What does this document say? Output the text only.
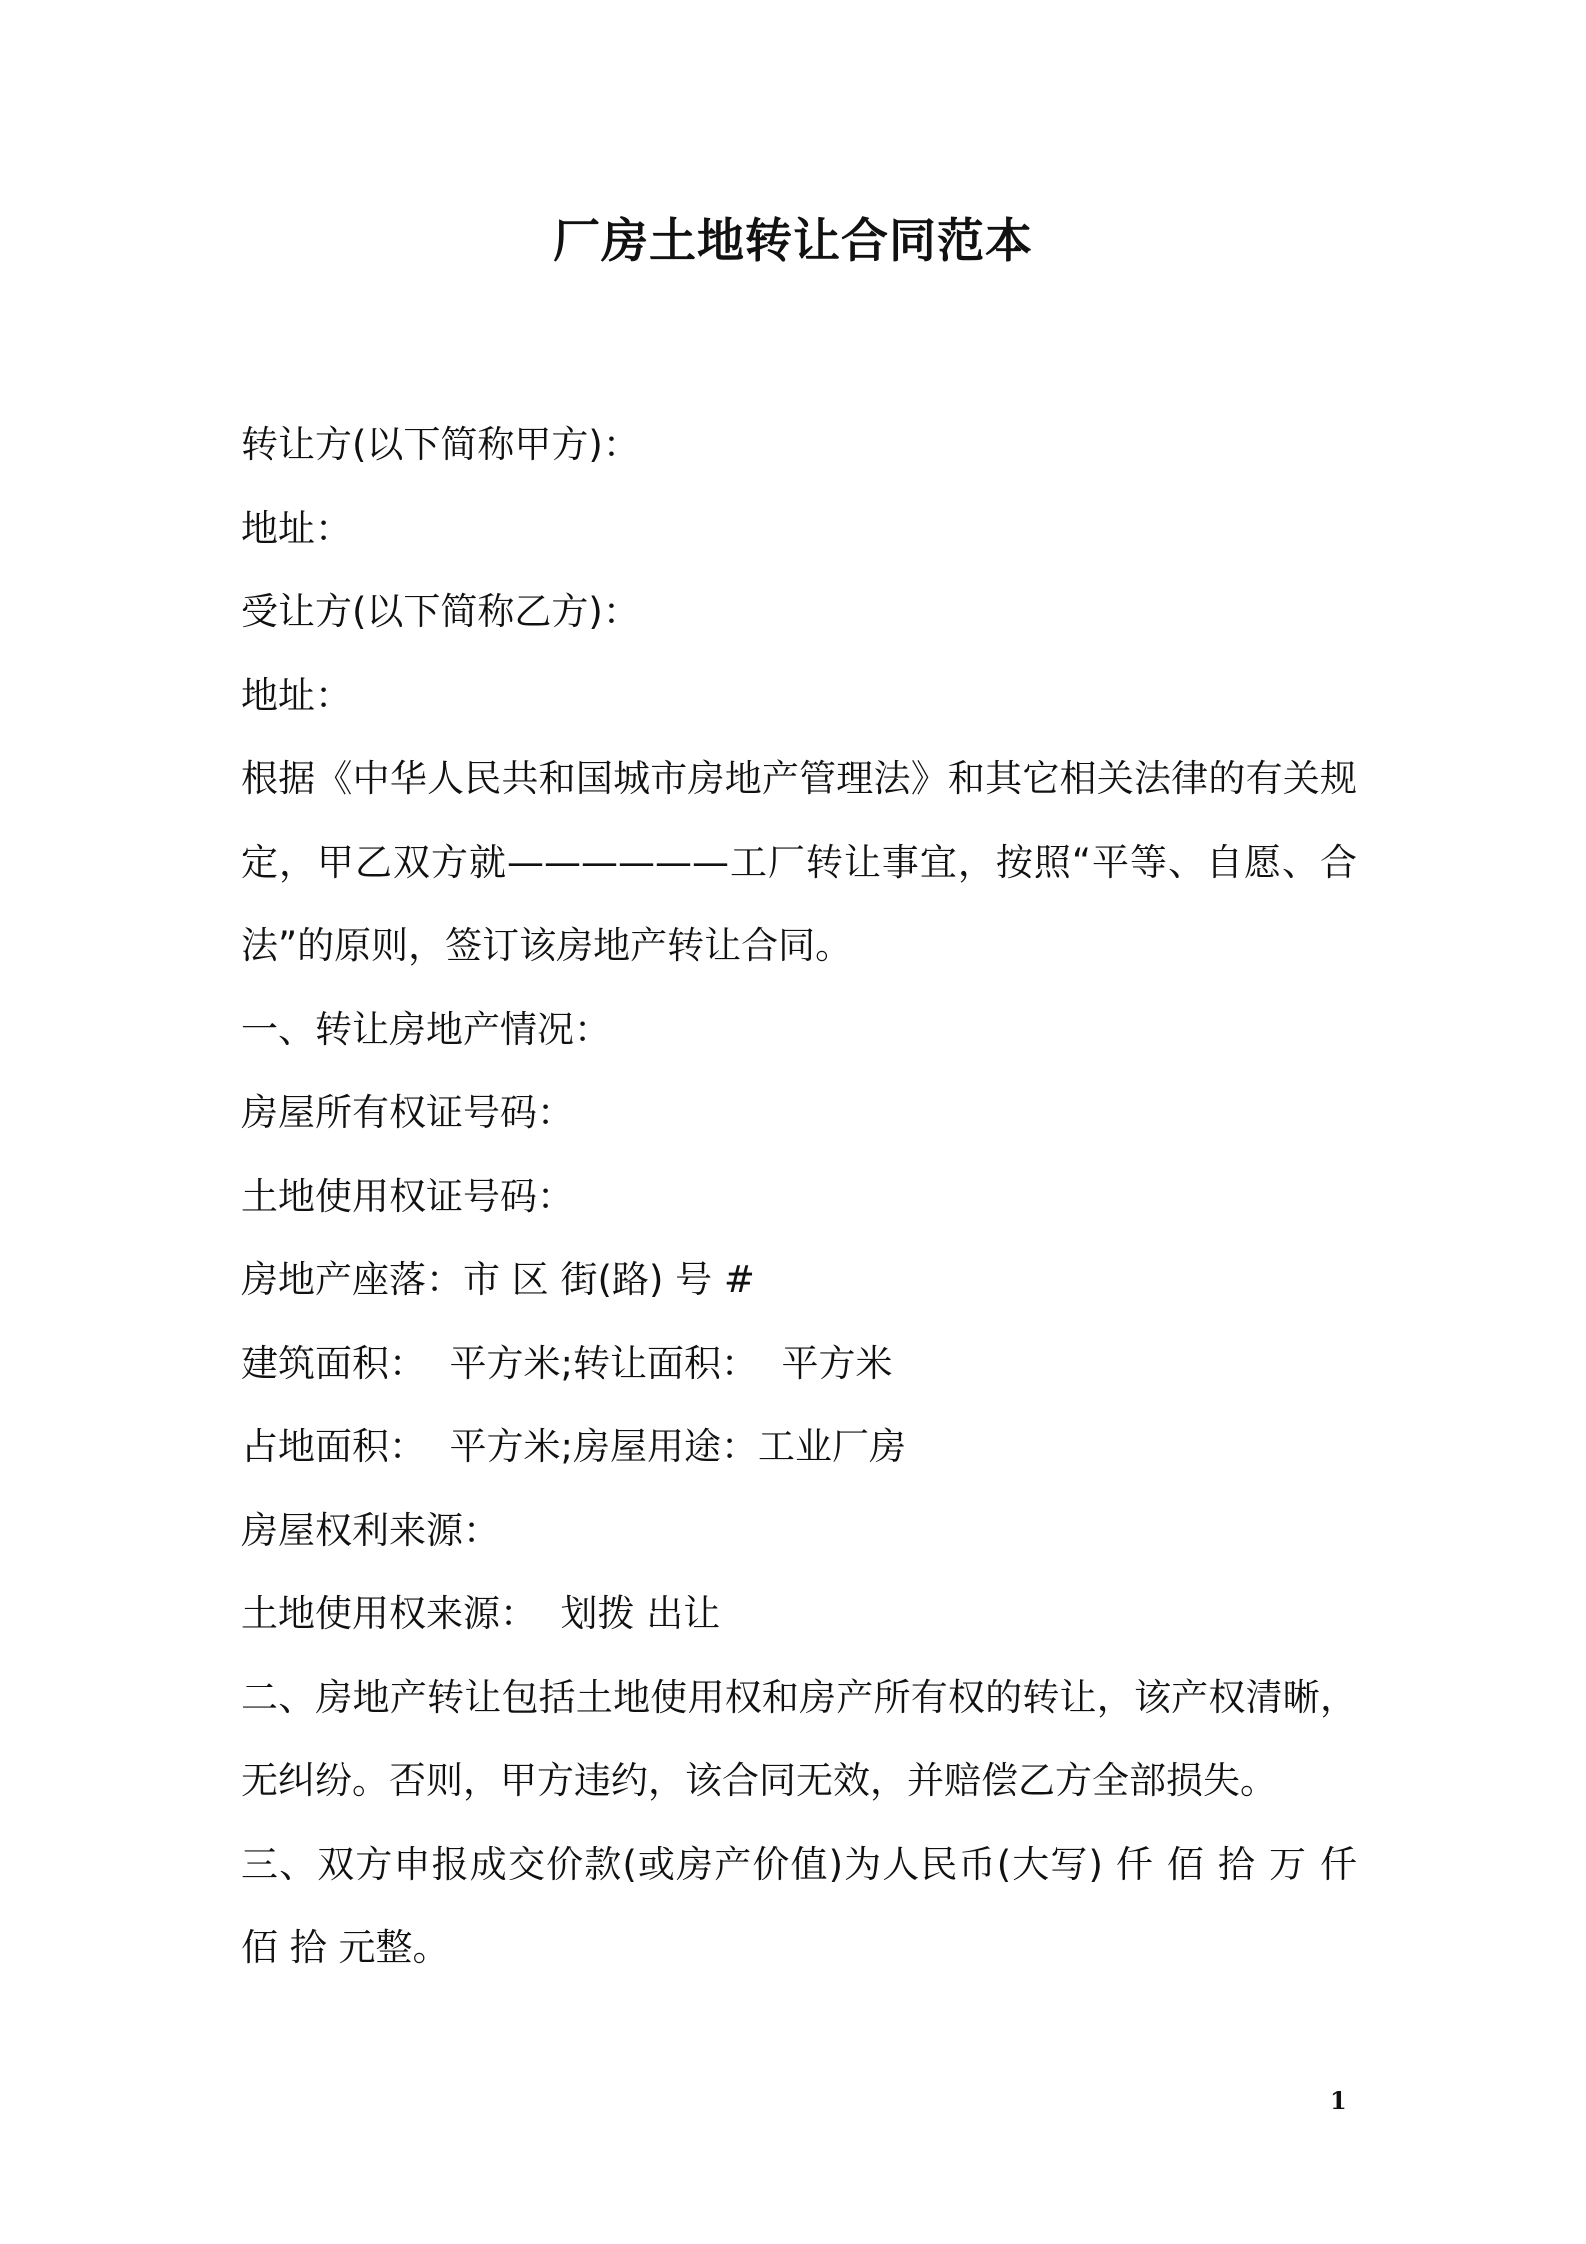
厂房土地转让合同范本

转让方(以下简称甲方)：

地址：

受让方(以下简称乙方)：

地址：

根据《中华人民共和国城市房地产管理法》和其它相关法律的有关规定，甲乙双方就——————工厂转让事宜，按照“平等、自愿、合法”的原则，签订该房地产转让合同。

一、转让房地产情况：

房屋所有权证号码：

土地使用权证号码：

房地产座落：市 区 街(路) 号 #

建筑面积：  平方米;转让面积：  平方米

占地面积：  平方米;房屋用途：工业厂房

房屋权利来源：

土地使用权来源：  划拨 出让

二、房地产转让包括土地使用权和房产所有权的转让，该产权清晰，无纠纷。否则，甲方违约，该合同无效，并赔偿乙方全部损失。

三、双方申报成交价款(或房产价值)为人民币(大写) 仟 佰 拾 万 仟 佰 拾 元整。

1
